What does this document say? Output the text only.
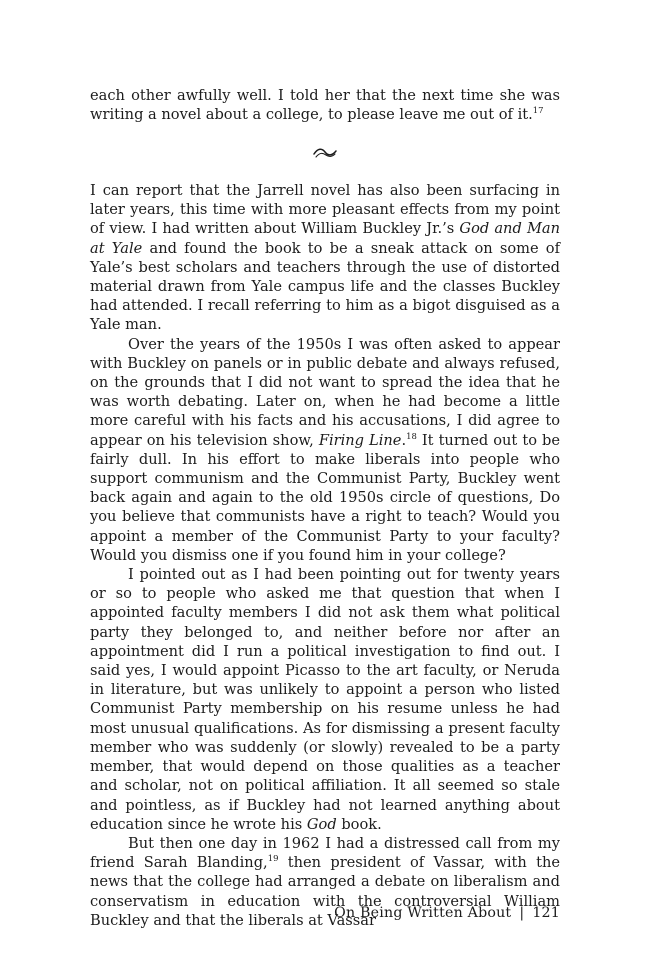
each other awfully well. I told her that the next time she was writing a novel about a college, to please leave me out of it.$^{17}$

I can report that the Jarrell novel has also been surfacing in later years, this time with more pleasant effects from my point of view. I had written about William Buckley Jr.’s God and Man at Yale and found the book to be a sneak attack on some of Yale’s best scholars and teachers through the use of distorted material drawn from Yale campus life and the classes Buckley had attended. I recall referring to him as a bigot disguised as a Yale man.

Over the years of the 1950s I was often asked to appear with Buckley on panels or in public debate and always refused, on the grounds that I did not want to spread the idea that he was worth debating. Later on, when he had become a little more careful with his facts and his accusations, I did agree to appear on his television show, Firing Line.$^{18}$ It turned out to be fairly dull. In his effort to make liberals into people who support communism and the Communist Party, Buckley went back again and again to the old 1950s circle of questions, Do you believe that communists have a right to teach? Would you appoint a member of the Communist Party to your faculty? Would you dismiss one if you found him in your college?

I pointed out as I had been pointing out for twenty years or so to people who asked me that question that when I appointed faculty members I did not ask them what political party they belonged to, and neither before nor after an appointment did I run a political investigation to find out. I said yes, I would appoint Picasso to the art faculty, or Neruda in literature, but was unlikely to appoint a person who listed Communist Party membership on his resume unless he had most unusual qualifications. As for dismissing a present faculty member who was suddenly (or slowly) revealed to be a party member, that would depend on those qualities as a teacher and scholar, not on political affiliation. It all seemed so stale and pointless, as if Buckley had not learned anything about education since he wrote his God book.

But then one day in 1962 I had a distressed call from my friend Sarah Blanding,$^{19}$ then president of Vassar, with the news that the college had arranged a debate on liberalism and conservatism in education with the controversial William Buckley and that the liberals at Vassar

On Being Written About | 121
